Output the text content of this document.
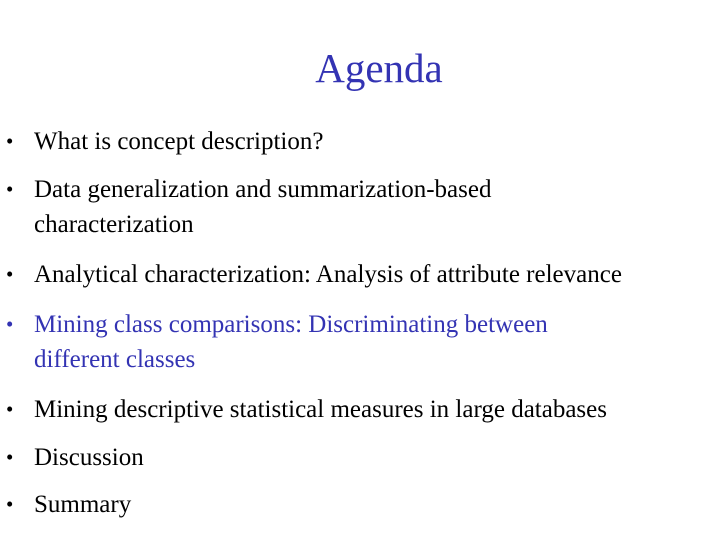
Agenda
• What is concept description?
• Data generalization and summarization-based
characterization
• Analytical characterization: Analysis of attribute relevance
• Mining class comparisons: Discriminating between
different classes
• Mining descriptive statistical measures in large databases
• Discussion
• Summary
